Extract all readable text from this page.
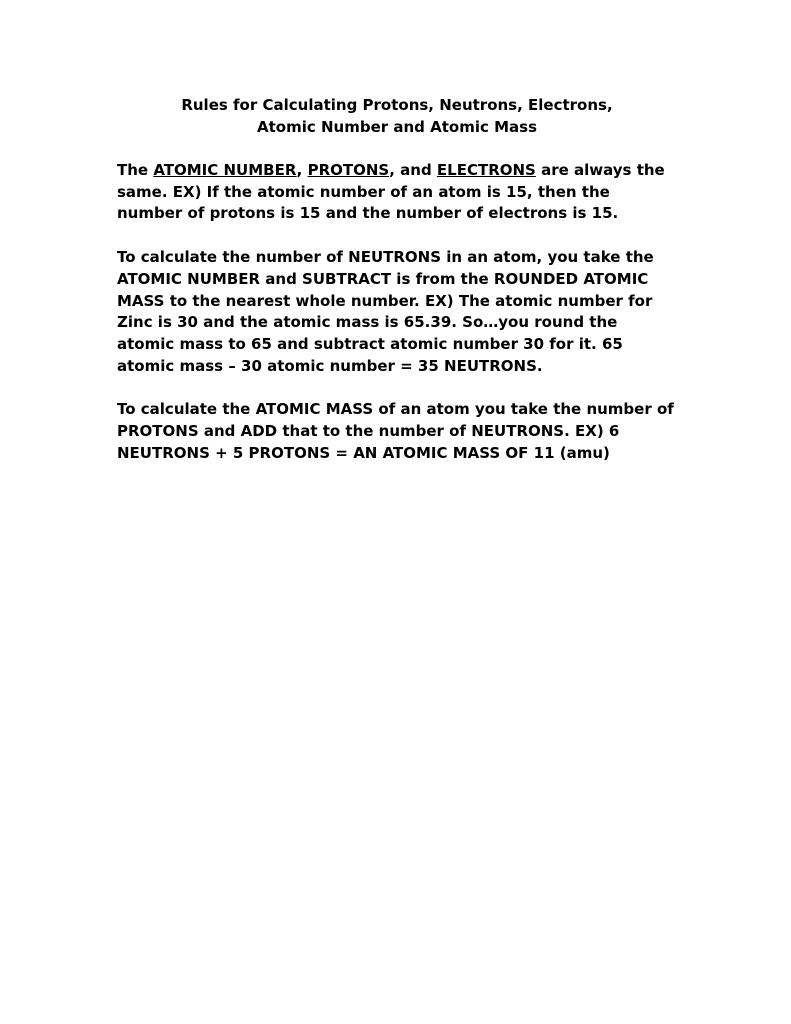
Rules for Calculating Protons, Neutrons, Electrons,
Atomic Number and Atomic Mass

The ATOMIC NUMBER, PROTONS, and ELECTRONS are always the same. EX) If the atomic number of an atom is 15, then the number of protons is 15 and the number of electrons is 15.

To calculate the number of NEUTRONS in an atom, you take the ATOMIC NUMBER and SUBTRACT is from the ROUNDED ATOMIC MASS to the nearest whole number. EX) The atomic number for Zinc is 30 and the atomic mass is 65.39. So…you round the atomic mass to 65 and subtract atomic number 30 for it. 65 atomic mass – 30 atomic number = 35 NEUTRONS.

To calculate the ATOMIC MASS of an atom you take the number of PROTONS and ADD that to the number of NEUTRONS. EX) 6 NEUTRONS + 5 PROTONS = AN ATOMIC MASS OF 11 (amu)
